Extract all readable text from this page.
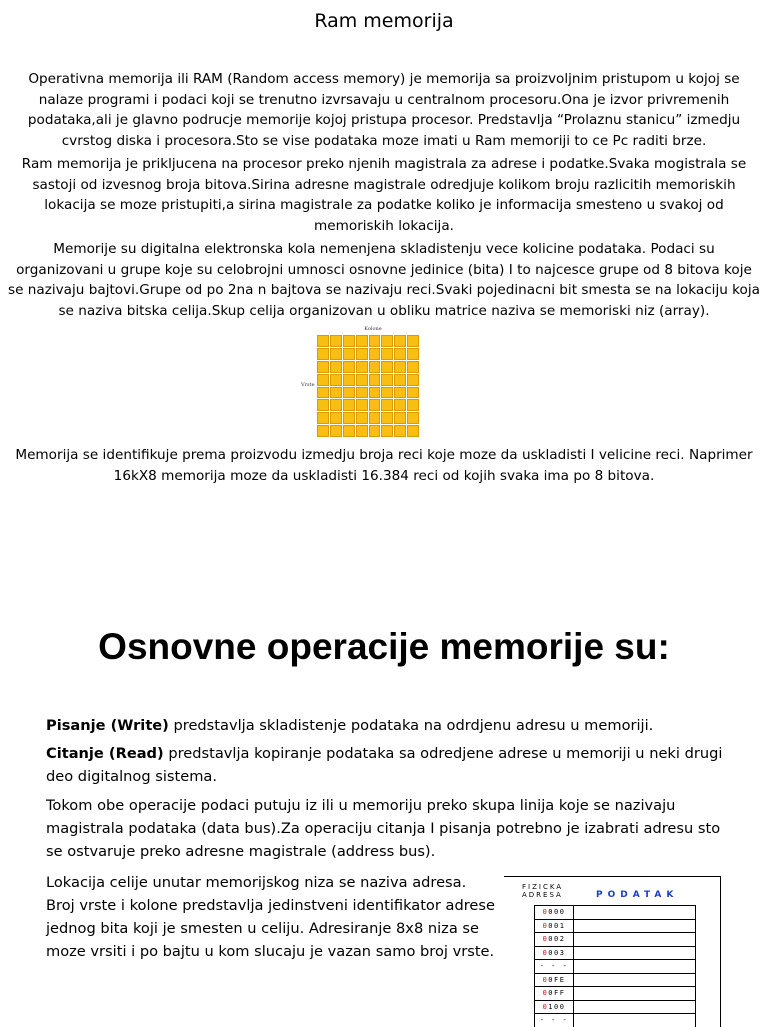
Ram memorija

Operativna memorija ili RAM (Random access memory) je memorija sa proizvoljnim pristupom u kojoj se nalaze programi i podaci koji se trenutno izvrsavaju u centralnom procesoru.Ona je izvor privremenih podataka,ali je glavno podrucje memorije kojoj pristupa procesor. Predstavlja “Prolaznu stanicu” izmedju cvrstog diska i procesora.Sto se vise podataka moze imati u Ram memoriji to ce Pc raditi brze.

Ram memorija je prikljucena na procesor preko njenih magistrala za adrese i podatke.Svaka mogistrala se sastoji od izvesnog broja bitova.Sirina adresne magistrale odredjuje kolikom broju razlicitih memoriskih lokacija se moze pristupiti,a sirina magistrale za podatke koliko je informacija smesteno u svakoj od memoriskih lokacija.

Memorije su digitalna elektronska kola nemenjena skladistenju vece kolicine podataka. Podaci su organizovani u grupe koje su celobrojni umnosci osnovne jedinice (bita) I to najcesce grupe od 8 bitova koje se nazivaju bajtovi.Grupe od po 2na n bajtova se nazivaju reci.Svaki pojedinacni bit smesta se na lokaciju koja se naziva bitska celija.Skup celija organizovan u obliku matrice naziva se memoriski niz (array).

Kolone
Vrste

Memorija se identifikuje prema proizvodu izmedju broja reci koje moze da uskladisti I velicine reci. Naprimer 16kX8 memorija moze da uskladisti 16.384 reci od kojih svaka ima po 8 bitova.

Osnovne operacije memorije su:

Pisanje (Write) predstavlja skladistenje podataka na odrdjenu adresu u memoriji.

Citanje (Read) predstavlja kopiranje podataka sa odredjene adrese u memoriji u neki drugi deo digitalnog sistema.

Tokom obe operacije podaci putuju iz ili u memoriju preko skupa linija koje se nazivaju magistrala podataka (data bus).Za operaciju citanja I pisanja potrebno je izabrati adresu sto se ostvaruje preko adresne magistrale (address bus).

Lokacija celije unutar memorijskog niza se naziva adresa. Broj vrste i kolone predstavlja jedinstveni identifikator adrese jednog bita koji je smesten u celiju. Adresiranje 8x8 niza se moze vrsiti i po bajtu u kom slucaju je vazan samo broj vrste.

FIZICKA
ADRESA	PODATAK
0000
0001
0002
0003
- - -
00FE
00FF
0100
- - -
